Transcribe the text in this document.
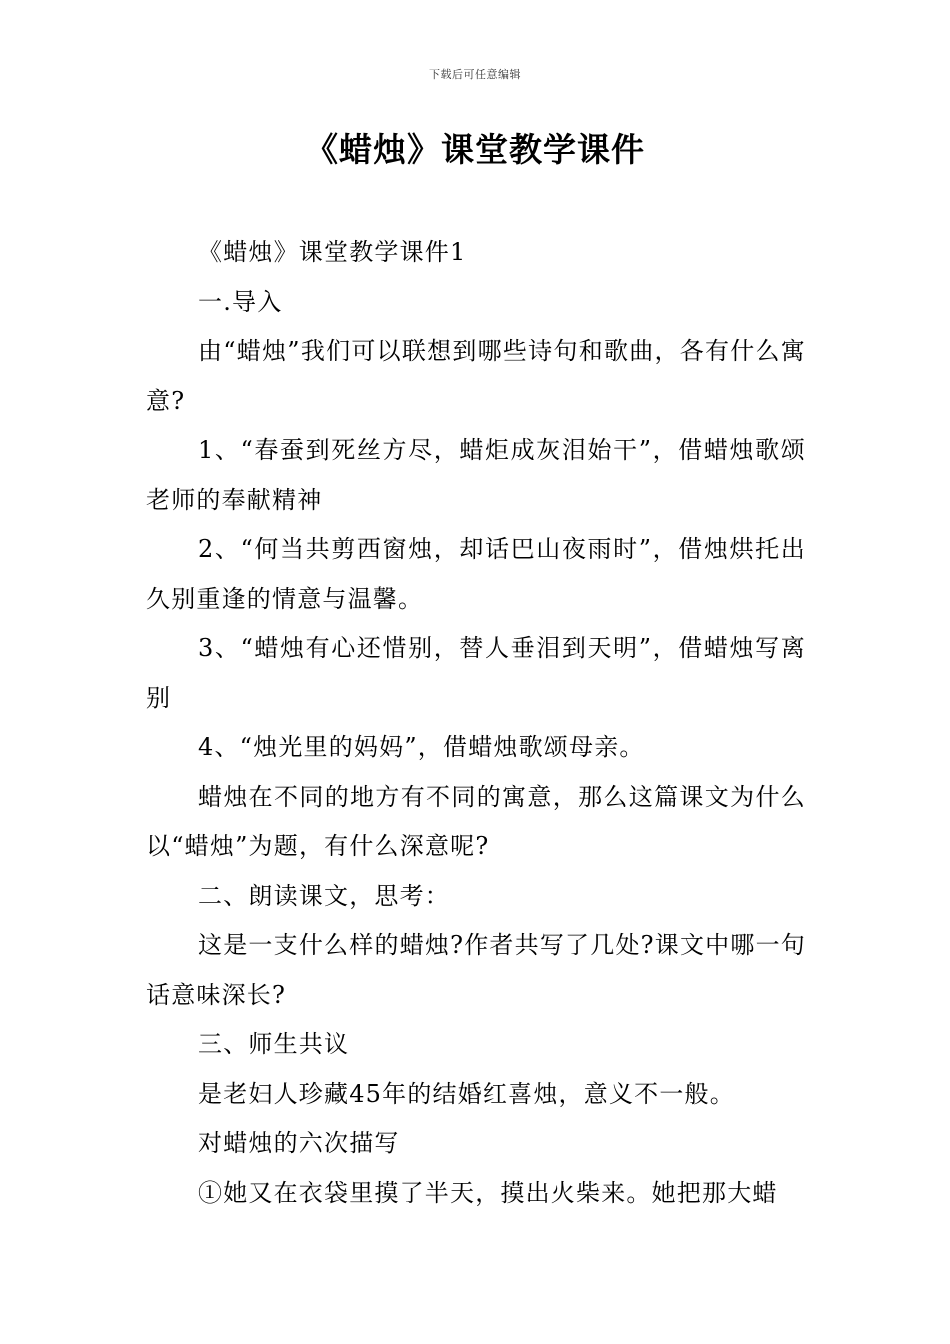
下载后可任意编辑
《蜡烛》课堂教学课件

《蜡烛》课堂教学课件1

一.导入

由“蜡烛”我们可以联想到哪些诗句和歌曲，各有什么寓意?

1、“春蚕到死丝方尽，蜡炬成灰泪始干”，借蜡烛歌颂老师的奉献精神

2、“何当共剪西窗烛，却话巴山夜雨时”，借烛烘托出久别重逢的情意与温馨。

3、“蜡烛有心还惜别，替人垂泪到天明”，借蜡烛写离别

4、“烛光里的妈妈”，借蜡烛歌颂母亲。

蜡烛在不同的地方有不同的寓意，那么这篇课文为什么以“蜡烛”为题，有什么深意呢?

二、朗读课文，思考：

这是一支什么样的蜡烛?作者共写了几处?课文中哪一句话意味深长?

三、师生共议

是老妇人珍藏45年的结婚红喜烛，意义不一般。

对蜡烛的六次描写

①她又在衣袋里摸了半天，摸出火柴来。她把那大蜡
